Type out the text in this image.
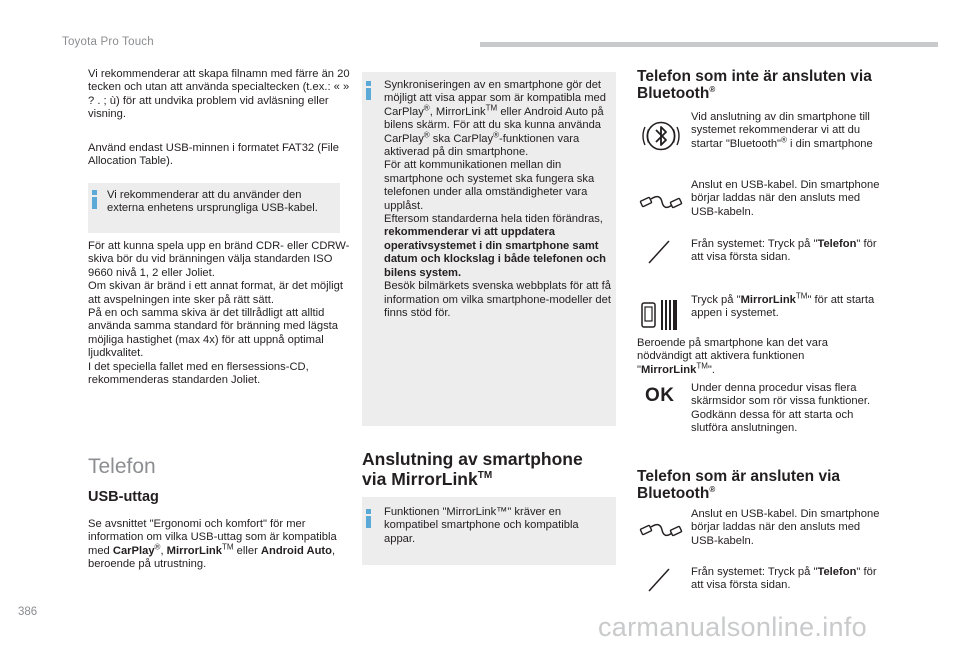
Toyota Pro Touch

Vi rekommenderar att skapa filnamn med färre än 20 tecken och utan att använda specialtecken (t.ex.: « » ? . ; ù) för att undvika problem vid avläsning eller visning.

Använd endast USB-minnen i formatet FAT32 (File Allocation Table).

Vi rekommenderar att du använder den externa enhetens ursprungliga USB-kabel.

För att kunna spela upp en bränd CDR- eller CDRW-skiva bör du vid bränningen välja standarden ISO 9660 nivå 1, 2 eller Joliet.

Om skivan är bränd i ett annat format, är det möjligt att avspelningen inte sker på rätt sätt.

På en och samma skiva är det tillrådligt att alltid använda samma standard för bränning med lägsta möjliga hastighet (max 4x) för att uppnå optimal ljudkvalitet.

I det speciella fallet med en flersessions-CD, rekommenderas standarden Joliet.

Telefon
USB-uttag

Se avsnittet "Ergonomi och komfort" för mer information om vilka USB-uttag som är kompatibla med CarPlay®, MirrorLink™ eller Android Auto, beroende på utrustning.

Synkroniseringen av en smartphone gör det möjligt att visa appar som är kompatibla med CarPlay®, MirrorLink™ eller Android Auto på bilens skärm. För att du ska kunna använda CarPlay® ska CarPlay®-funktionen vara aktiverad på din smartphone.

För att kommunikationen mellan din smartphone och systemet ska fungera ska telefonen under alla omständigheter vara upplåst.

Eftersom standarderna hela tiden förändras, rekommenderar vi att uppdatera operativsystemet i din smartphone samt datum och klockslag i både telefonen och bilens system.

Besök bilmärkets svenska webbplats för att få information om vilka smartphone-modeller det finns stöd för.

Anslutning av smartphone
via MirrorLink™

Funktionen "MirrorLink™" kräver en kompatibel smartphone och kompatibla appar.

Telefon som inte är ansluten via
Bluetooth®

Vid anslutning av din smartphone till systemet rekommenderar vi att du startar "Bluetooth"® i din smartphone

Anslut en USB-kabel. Din smartphone börjar laddas när den ansluts med USB-kabeln.

Från systemet: Tryck på "Telefon" för att visa första sidan.

Tryck på "MirrorLink™" för att starta appen i systemet.

Beroende på smartphone kan det vara nödvändigt att aktivera funktionen "MirrorLink™".

OK Under denna procedur visas flera skärmsidor som rör vissa funktioner. Godkänn dessa för att starta och slutföra anslutningen.

Telefon som är ansluten via
Bluetooth®

Anslut en USB-kabel. Din smartphone börjar laddas när den ansluts med USB-kabeln.

Från systemet: Tryck på "Telefon" för att visa första sidan.

386	carmanualsonline.info
